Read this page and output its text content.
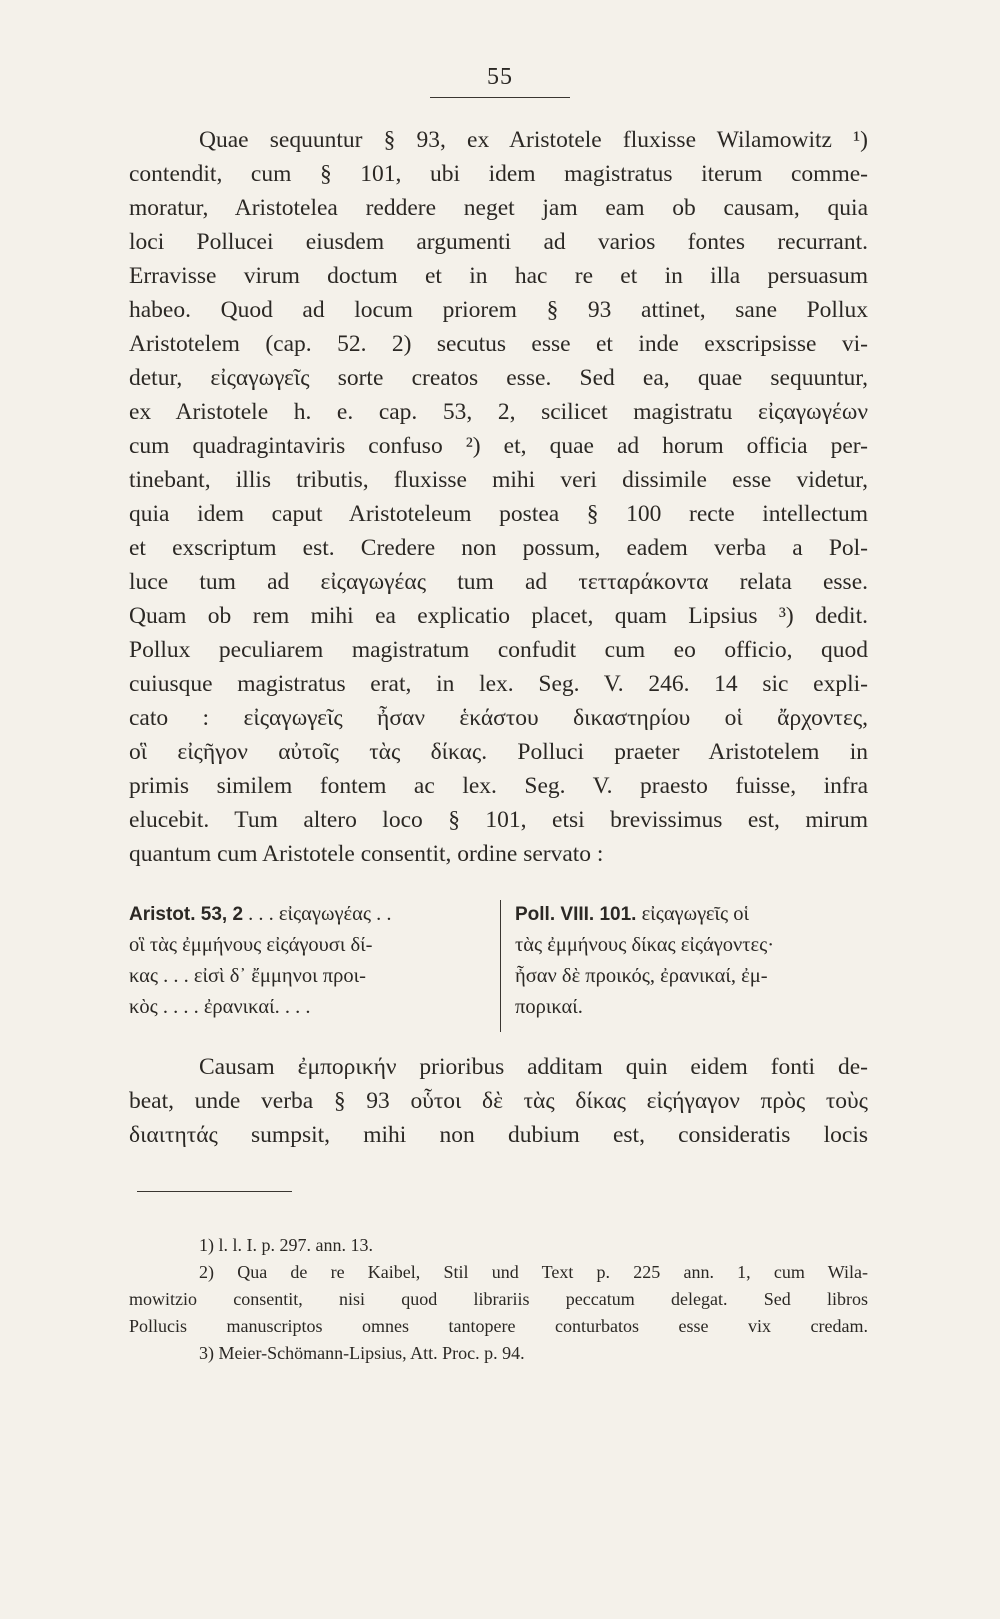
55
Quae sequuntur § 93, ex Aristotele fluxisse Wilamowitz ¹)
contendit, cum § 101, ubi idem magistratus iterum comme-
moratur, Aristotelea reddere neget jam eam ob causam, quia
loci Pollucei eiusdem argumenti ad varios fontes recurrant.
Erravisse virum doctum et in hac re et in illa persuasum
habeo. Quod ad locum priorem § 93 attinet, sane Pollux
Aristotelem (cap. 52. 2) secutus esse et inde exscripsisse vi-
detur, εἰςαγωγεῖς sorte creatos esse. Sed ea, quae sequuntur,
ex Aristotele h. e. cap. 53, 2, scilicet magistratu εἰςαγωγέων
cum quadragintaviris confuso ²) et, quae ad horum officia per-
tinebant, illis tributis, fluxisse mihi veri dissimile esse videtur,
quia idem caput Aristoteleum postea § 100 recte intellectum
et exscriptum est. Credere non possum, eadem verba a Pol-
luce tum ad εἰςαγωγέας tum ad τετταράκοντα relata esse.
Quam ob rem mihi ea explicatio placet, quam Lipsius ³) dedit.
Pollux peculiarem magistratum confudit cum eo officio, quod
cuiusque magistratus erat, in lex. Seg. V. 246. 14 sic expli-
cato : εἰςαγωγεῖς ἦσαν ἑκάστου δικαστηρίου οἱ ἄρχοντες,
οἳ εἰςῆγον αὐτοῖς τὰς δίκας. Polluci praeter Aristotelem in
primis similem fontem ac lex. Seg. V. praesto fuisse, infra
elucebit. Tum altero loco § 101, etsi brevissimus est, mirum
quantum cum Aristotele consentit, ordine servato :
Aristot. 53, 2 . . . εἰςαγωγέας . .
οἳ τὰς ἐμμήνους εἰςάγουσι δί-
κας . . . εἰσὶ δ᾽ ἔμμηνοι προι-
κὸς . . . . ἐρανικαί. . . .
Poll. VIII. 101. εἰςαγωγεῖς οἱ
τὰς ἐμμήνους δίκας εἰςάγοντες·
ἦσαν δὲ προικός, ἐρανικαί, ἐμ-
πορικαί.
Causam ἐμπορικήν prioribus additam quin eidem fonti de-
beat, unde verba § 93 οὗτοι δὲ τὰς δίκας εἰςήγαγον πρὸς τοὺς
διαιτητάς sumpsit, mihi non dubium est, consideratis locis
1) l. l. I. p. 297. ann. 13.
2) Qua de re Kaibel, Stil und Text p. 225 ann. 1, cum Wila-
mowitzio consentit, nisi quod librariis peccatum delegat. Sed libros
Pollucis manuscriptos omnes tantopere conturbatos esse vix credam.
3) Meier-Schömann-Lipsius, Att. Proc. p. 94.
